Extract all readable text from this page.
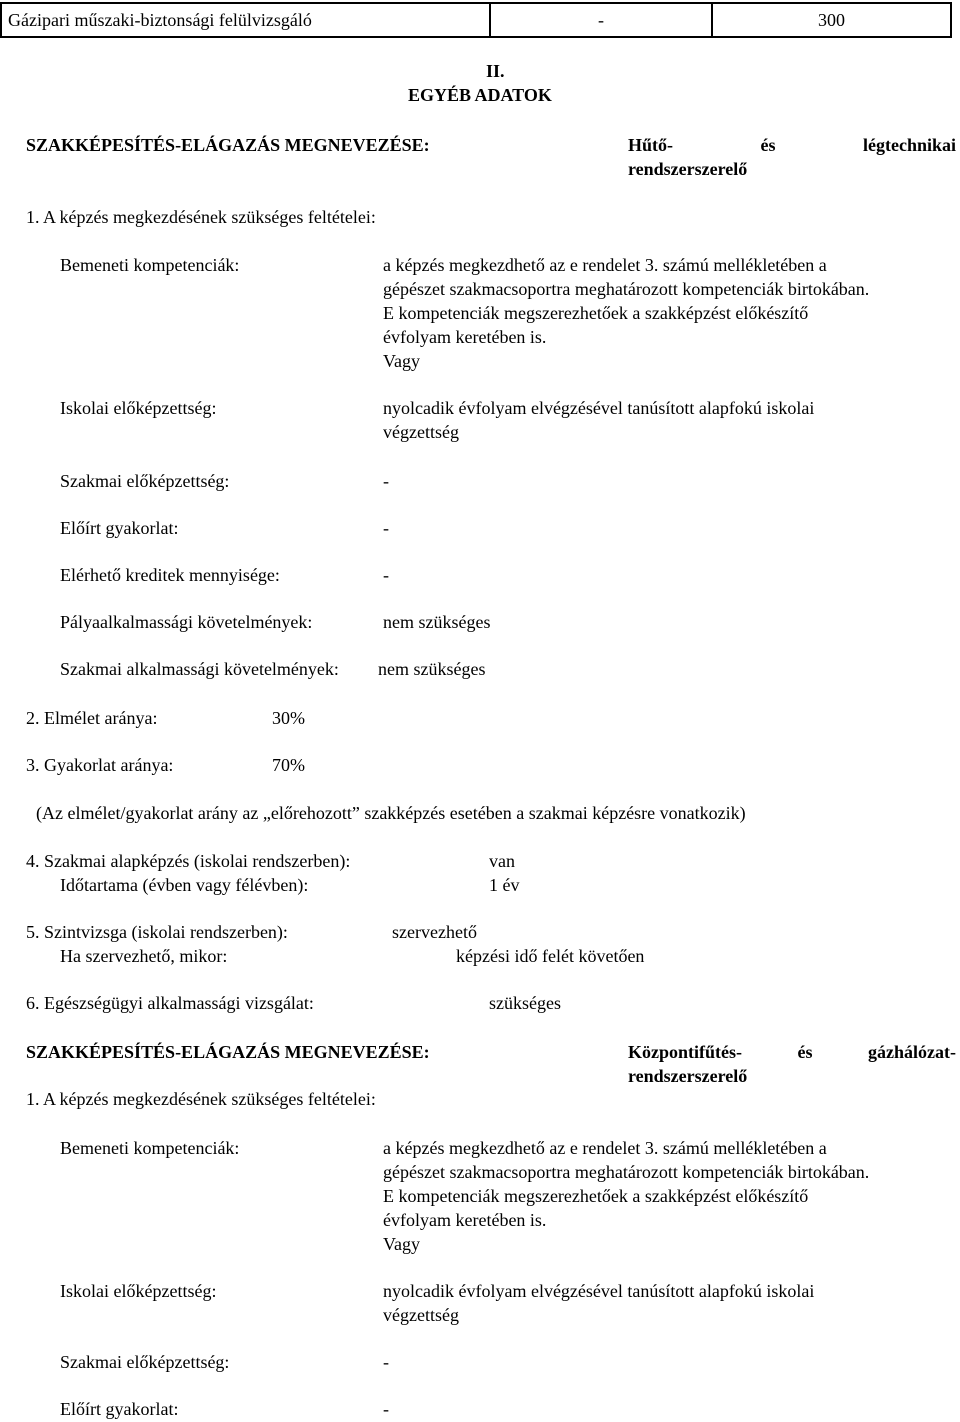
Gázipari műszaki-biztonsági felülvizsgáló	-	300
II.
EGYÉB ADATOK
SZAKKÉPESÍTÉS-ELÁGAZÁS MEGNEVEZÉSE:	Hűtő-	és	légtechnikai
rendszerszerelő
1. A képzés megkezdésének szükséges feltételei:
Bemeneti kompetenciák:	a képzés megkezdhető az e rendelet 3. számú mellékletében a
gépészet szakmacsoportra meghatározott kompetenciák birtokában.
E kompetenciák megszerezhetőek a szakképzést előkészítő
évfolyam keretében is.
Vagy
Iskolai előképzettség:	nyolcadik évfolyam elvégzésével tanúsított alapfokú iskolai
végzettség
Szakmai előképzettség:	-
Előírt gyakorlat:	-
Elérhető kreditek mennyisége:	-
Pályaalkalmassági követelmények:	nem szükséges
Szakmai alkalmassági követelmények: nem szükséges
2. Elmélet aránya:	30%
3. Gyakorlat aránya:	70%
(Az elmélet/gyakorlat arány az „előrehozott” szakképzés esetében a szakmai képzésre vonatkozik)
4. Szakmai alapképzés (iskolai rendszerben):	van
Időtartama (évben vagy félévben):	1 év
5. Szintvizsga (iskolai rendszerben):	szervezhető
Ha szervezhető, mikor:	képzési idő felét követően
6. Egészségügyi alkalmassági vizsgálat:	szükséges
SZAKKÉPESÍTÉS-ELÁGAZÁS MEGNEVEZÉSE:	Központifűtés-	és	gázhálózat-
rendszerszerelő
1. A képzés megkezdésének szükséges feltételei:
Bemeneti kompetenciák:	a képzés megkezdhető az e rendelet 3. számú mellékletében a
gépészet szakmacsoportra meghatározott kompetenciák birtokában.
E kompetenciák megszerezhetőek a szakképzést előkészítő
évfolyam keretében is.
Vagy
Iskolai előképzettség:	nyolcadik évfolyam elvégzésével tanúsított alapfokú iskolai
végzettség
Szakmai előképzettség:	-
Előírt gyakorlat:	-
